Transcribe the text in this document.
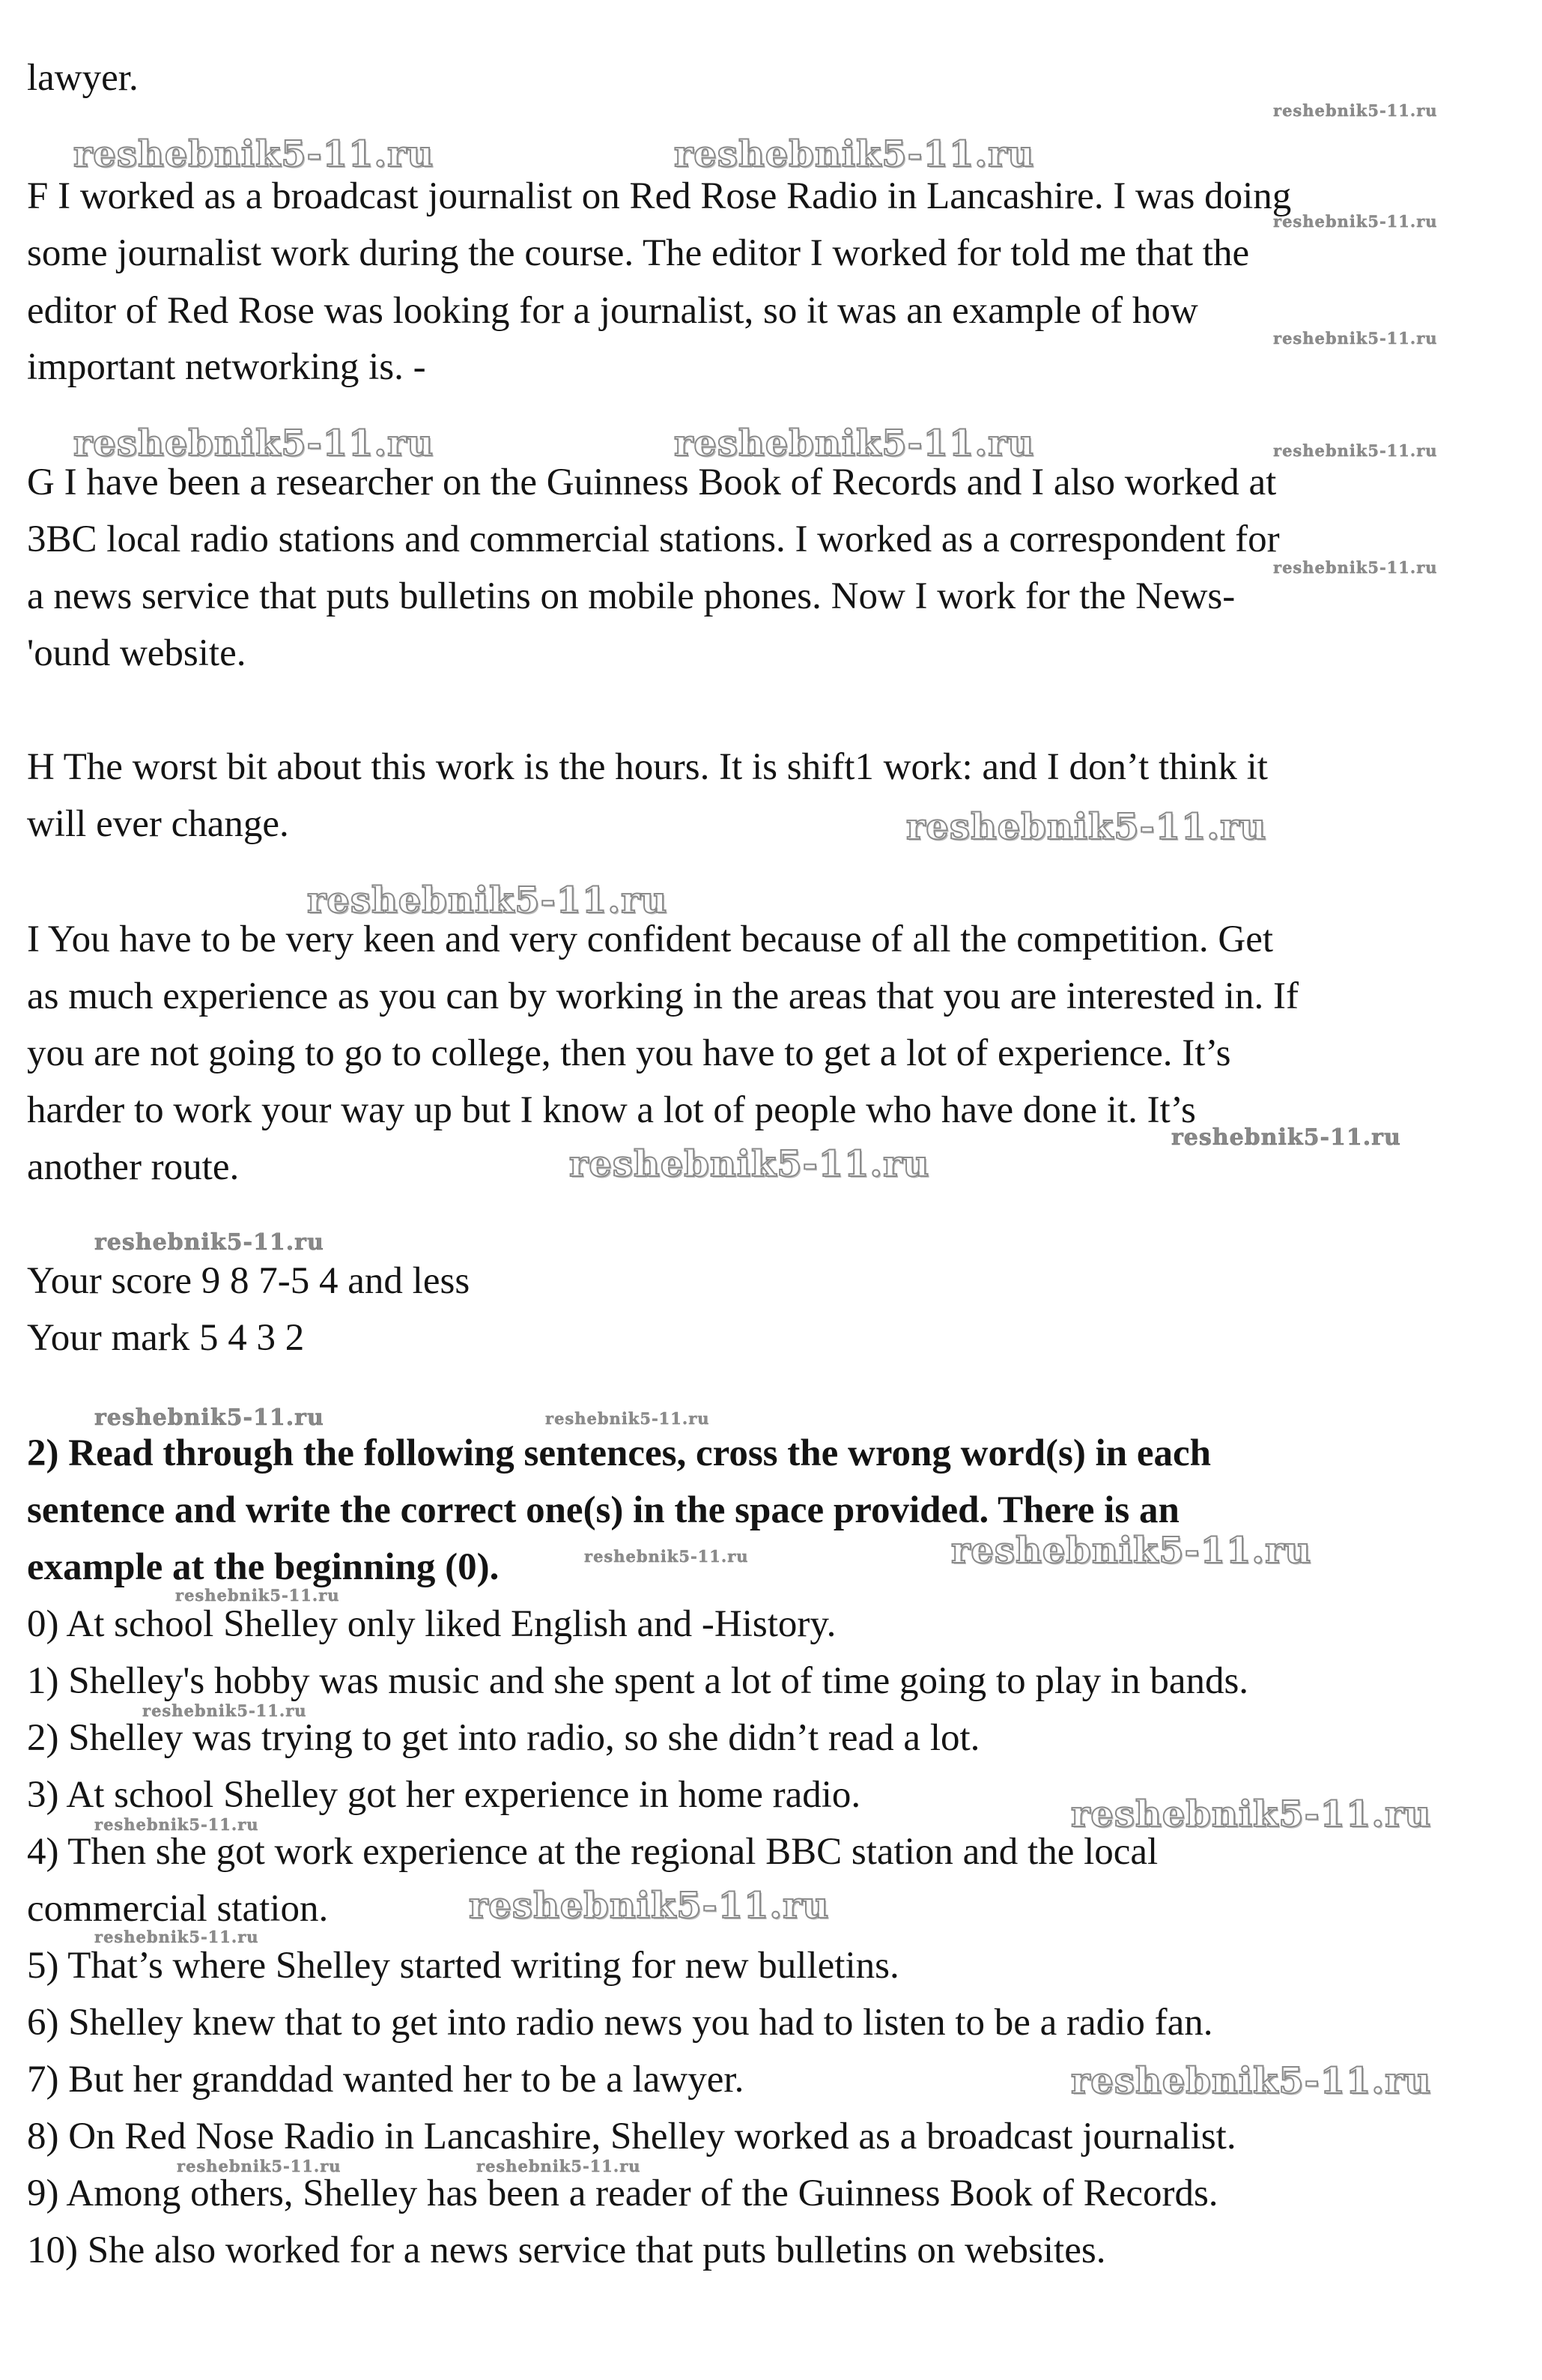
lawyer.
F I worked as a broadcast journalist on Red Rose Radio in Lancashire. I was doing
some journalist work during the course. The editor I worked for told me that the
editor of Red Rose was looking for a journalist, so it was an example of how
important networking is. -
G I have been a researcher on the Guinness Book of Records and I also worked at
3BC local radio stations and commercial stations. I worked as a correspondent for
a news service that puts bulletins on mobile phones. Now I work for the News-
'ound website.
H The worst bit about this work is the hours. It is shift1 work: and I don’t think it
will ever change.
I You have to be very keen and very confident because of all the competition. Get
as much experience as you can by working in the areas that you are interested in. If
you are not going to go to college, then you have to get a lot of experience. It’s
harder to work your way up but I know a lot of people who have done it. It’s
another route.
Your score 9 8 7-5 4 and less
Your mark 5 4 3 2
2) Read through the following sentences, cross the wrong word(s) in each
sentence and write the correct one(s) in the space provided. There is an
example at the beginning (0).
0) At school Shelley only liked English and -History.
1) Shelley's hobby was music and she spent a lot of time going to play in bands.
2) Shelley was trying to get into radio, so she didn’t read a lot.
3) At school Shelley got her experience in home radio.
4) Then she got work experience at the regional BBC station and the local
commercial station.
5) That’s where Shelley started writing for new bulletins.
6) Shelley knew that to get into radio news you had to listen to be a radio fan.
7) But her granddad wanted her to be a lawyer.
8) On Red Nose Radio in Lancashire, Shelley worked as a broadcast journalist.
9) Among others, Shelley has been a reader of the Guinness Book of Records.
10) She also worked for a news service that puts bulletins on websites.
reshebnik5-11.ru
reshebnik5-11.ru	reshebnik5-11.ru
reshebnik5-11.ru
reshebnik5-11.ru
reshebnik5-11.ru	reshebnik5-11.ru	reshebnik5-11.ru
reshebnik5-11.ru
reshebnik5-11.ru
reshebnik5-11.ru
reshebnik5-11.ru
reshebnik5-11.ru
reshebnik5-11.ru
reshebnik5-11.ru	reshebnik5-11.ru
reshebnik5-11.ru	reshebnik5-11.ru
reshebnik5-11.ru
reshebnik5-11.ru
reshebnik5-11.ru	reshebnik5-11.ru
reshebnik5-11.ru
reshebnik5-11.ru
reshebnik5-11.ru
reshebnik5-11.ru	reshebnik5-11.ru
